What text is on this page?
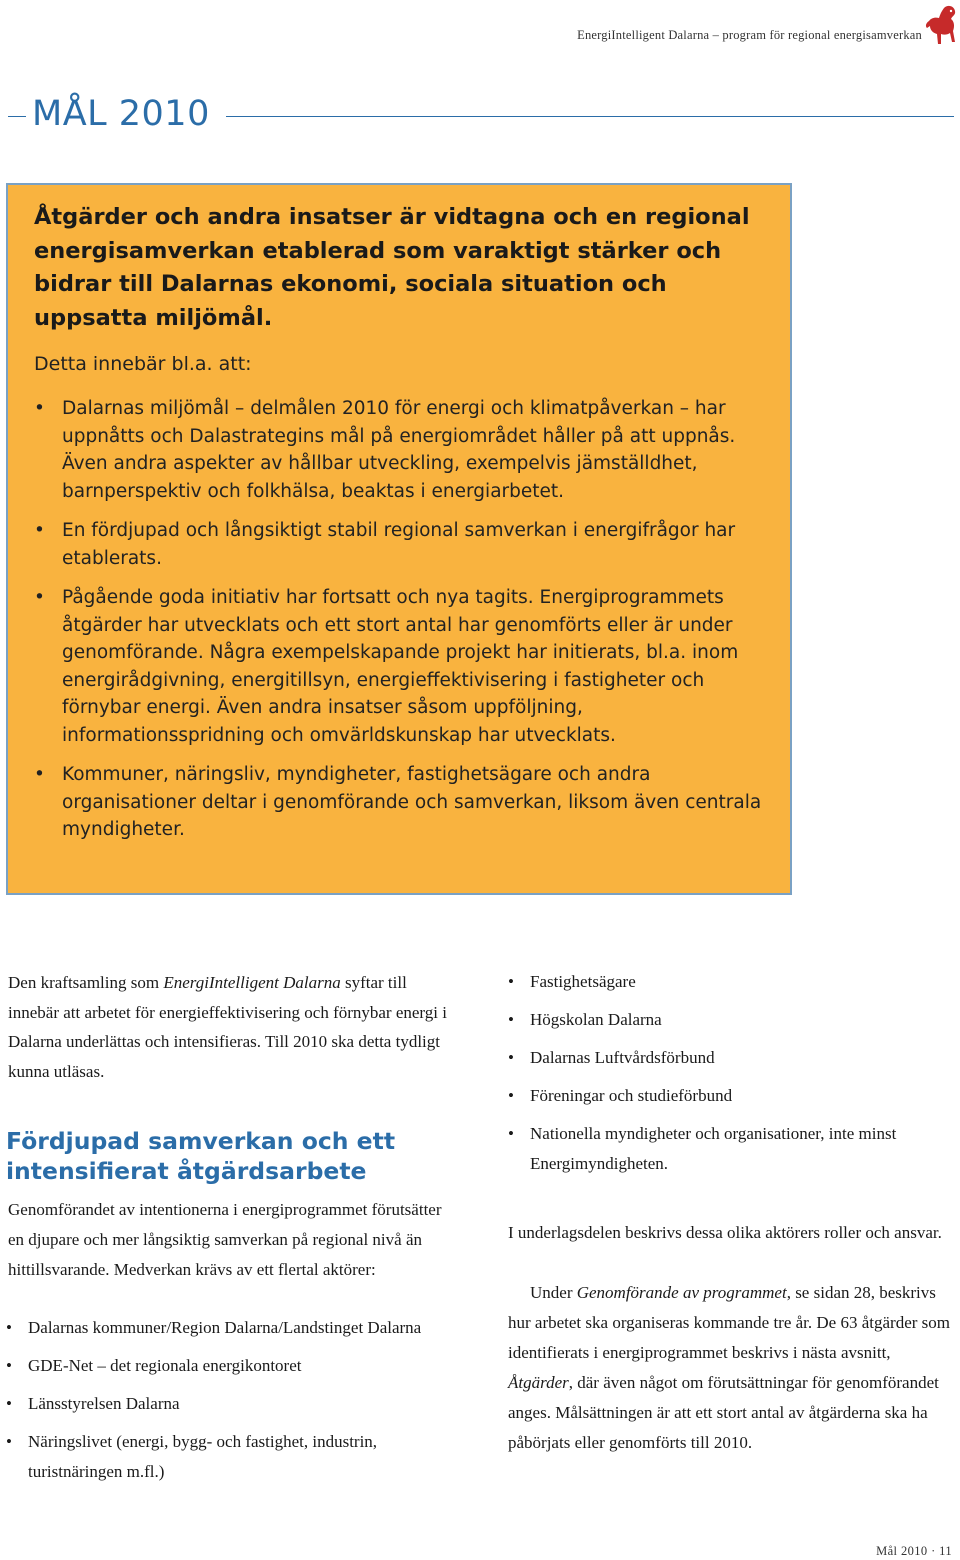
EnergiIntelligent Dalarna – program för regional energisamverkan
MÅL 2010
Åtgärder och andra insatser är vidtagna och en regional energisamverkan etablerad som varaktigt stärker och bidrar till Dalarnas ekonomi, sociala situation och uppsatta miljömål.

Detta innebär bl.a. att:

• Dalarnas miljömål – delmålen 2010 för energi och klimatpåverkan – har uppnåtts och Dalastrategins mål på energiområdet håller på att uppnås. Även andra aspekter av hållbar utveckling, exempelvis jämställdhet, barnperspektiv och folkhälsa, beaktas i energiarbetet.
• En fördjupad och långsiktigt stabil regional samverkan i energifrågor har etablerats.
• Pågående goda initiativ har fortsatt och nya tagits. Energiprogrammets åtgärder har utvecklats och ett stort antal har genomförts eller är under genomförande. Några exempelskapande projekt har initierats, bl.a. inom energirådgivning, energitillsyn, energieffektivisering i fastigheter och förnybar energi. Även andra insatser såsom uppföljning, informationsspridning och omvärldskunskap har utvecklats.
• Kommuner, näringsliv, myndigheter, fastighetsägare och andra organisationer deltar i genomförande och samverkan, liksom även centrala myndigheter.

Den kraftsamling som EnergiIntelligent Dalarna syftar till innebär att arbetet för energieffektivisering och förnybar energi i Dalarna underlättas och intensifieras. Till 2010 ska detta tydligt kunna utläsas.

Fördjupad samverkan och ett intensifierat åtgärdsarbete

Genomförandet av intentionerna i energiprogrammet förutsätter en djupare och mer långsiktig samverkan på regional nivå än hittillsvarande. Medverkan krävs av ett flertal aktörer:

• Dalarnas kommuner/Region Dalarna/Landstinget Dalarna
• GDE-Net – det regionala energikontoret
• Länsstyrelsen Dalarna
• Näringslivet (energi, bygg- och fastighet, industrin, turistnäringen m.fl.)
• Fastighetsägare
• Högskolan Dalarna
• Dalarnas Luftvårdsförbund
• Föreningar och studieförbund
• Nationella myndigheter och organisationer, inte minst Energimyndigheten.

I underlagsdelen beskrivs dessa olika aktörers roller och ansvar.

Under Genomförande av programmet, se sidan 28, beskrivs hur arbetet ska organiseras kommande tre år. De 63 åtgärder som identifierats i energiprogrammet beskrivs i nästa avsnitt, Åtgärder, där även något om förutsättningar för genomförandet anges. Målsättningen är att ett stort antal av åtgärderna ska ha påbörjats eller genomförts till 2010.

Mål 2010 · 11
